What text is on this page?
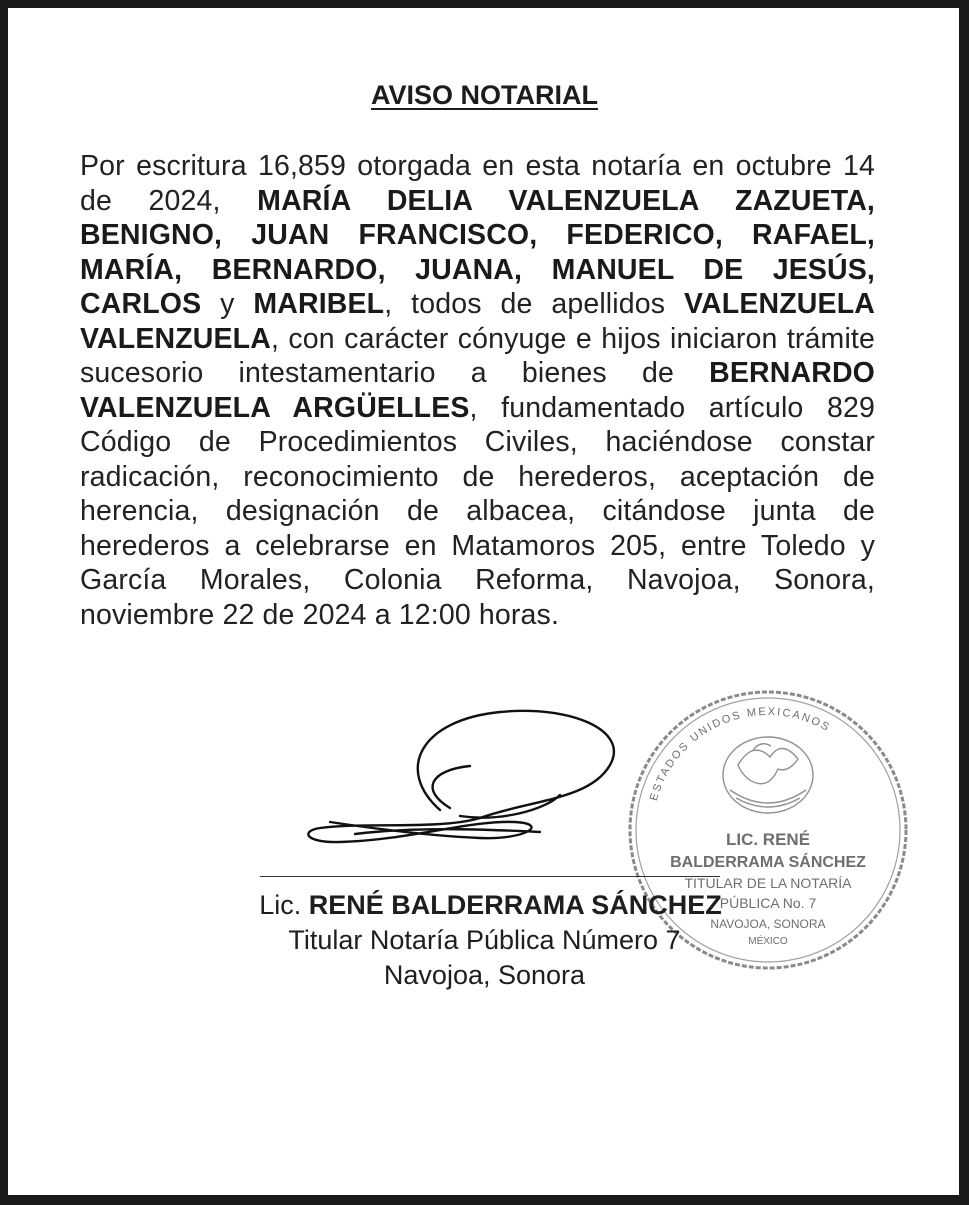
AVISO NOTARIAL

Por escritura 16,859 otorgada en esta notaría en octubre 14 de 2024, MARÍA DELIA VALENZUELA ZAZUETA, BENIGNO, JUAN FRANCISCO, FEDERICO, RAFAEL, MARÍA, BERNARDO, JUANA, MANUEL DE JESÚS, CARLOS y MARIBEL, todos de apellidos VALENZUELA VALENZUELA, con carácter cónyuge e hijos iniciaron trámite sucesorio intestamentario a bienes de BERNARDO VALENZUELA ARGÜELLES, fundamentado artículo 829 Código de Procedimientos Civiles, haciéndose constar radicación, reconocimiento de herederos, aceptación de herencia, designación de albacea, citándose junta de herederos a celebrarse en Matamoros 205, entre Toledo y García Morales, Colonia Reforma, Navojoa, Sonora, noviembre 22 de 2024 a 12:00 horas.

ESTADOS UNIDOS MEXICANOS
LIC. RENÉ
BALDERRAMA SÁNCHEZ
TITULAR DE LA NOTARÍA
PÚBLICA No. 7
NAVOJOA, SONORA
MÉXICO
Lic. RENÉ BALDERRAMA SÁNCHEZ
Titular Notaría Pública Número 7
Navojoa, Sonora
